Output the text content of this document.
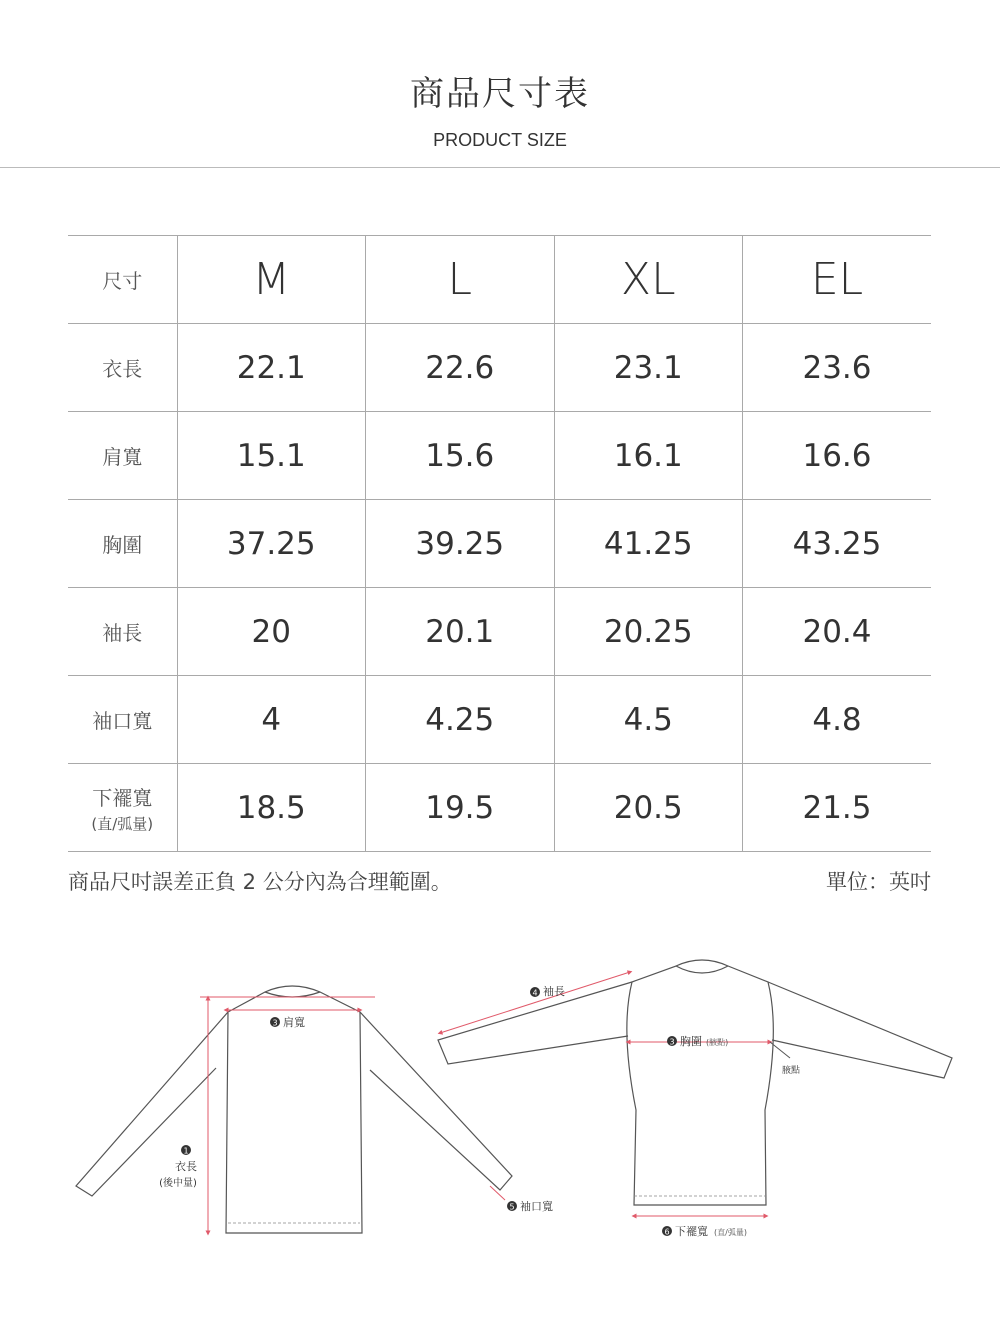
商品尺寸表
PRODUCT SIZE
尺寸	M	L	XL	EL
衣長	22.1	22.6	23.1	23.6
肩寬	15.1	15.6	16.1	16.6
胸圍	37.25	39.25	41.25	43.25
袖長	20	20.1	20.25	20.4
袖口寬	4	4.25	4.5	4.8
下襬寬
(直/弧量)	18.5	19.5	20.5	21.5
商品尺吋誤差正負 2 公分內為合理範圍。	單位：英吋
3 肩寬
1
衣長
(後中量)
5 袖口寬
4 袖長
3 胸圍 (腋點)
腋點
6 下襬寬 (直/弧量)
